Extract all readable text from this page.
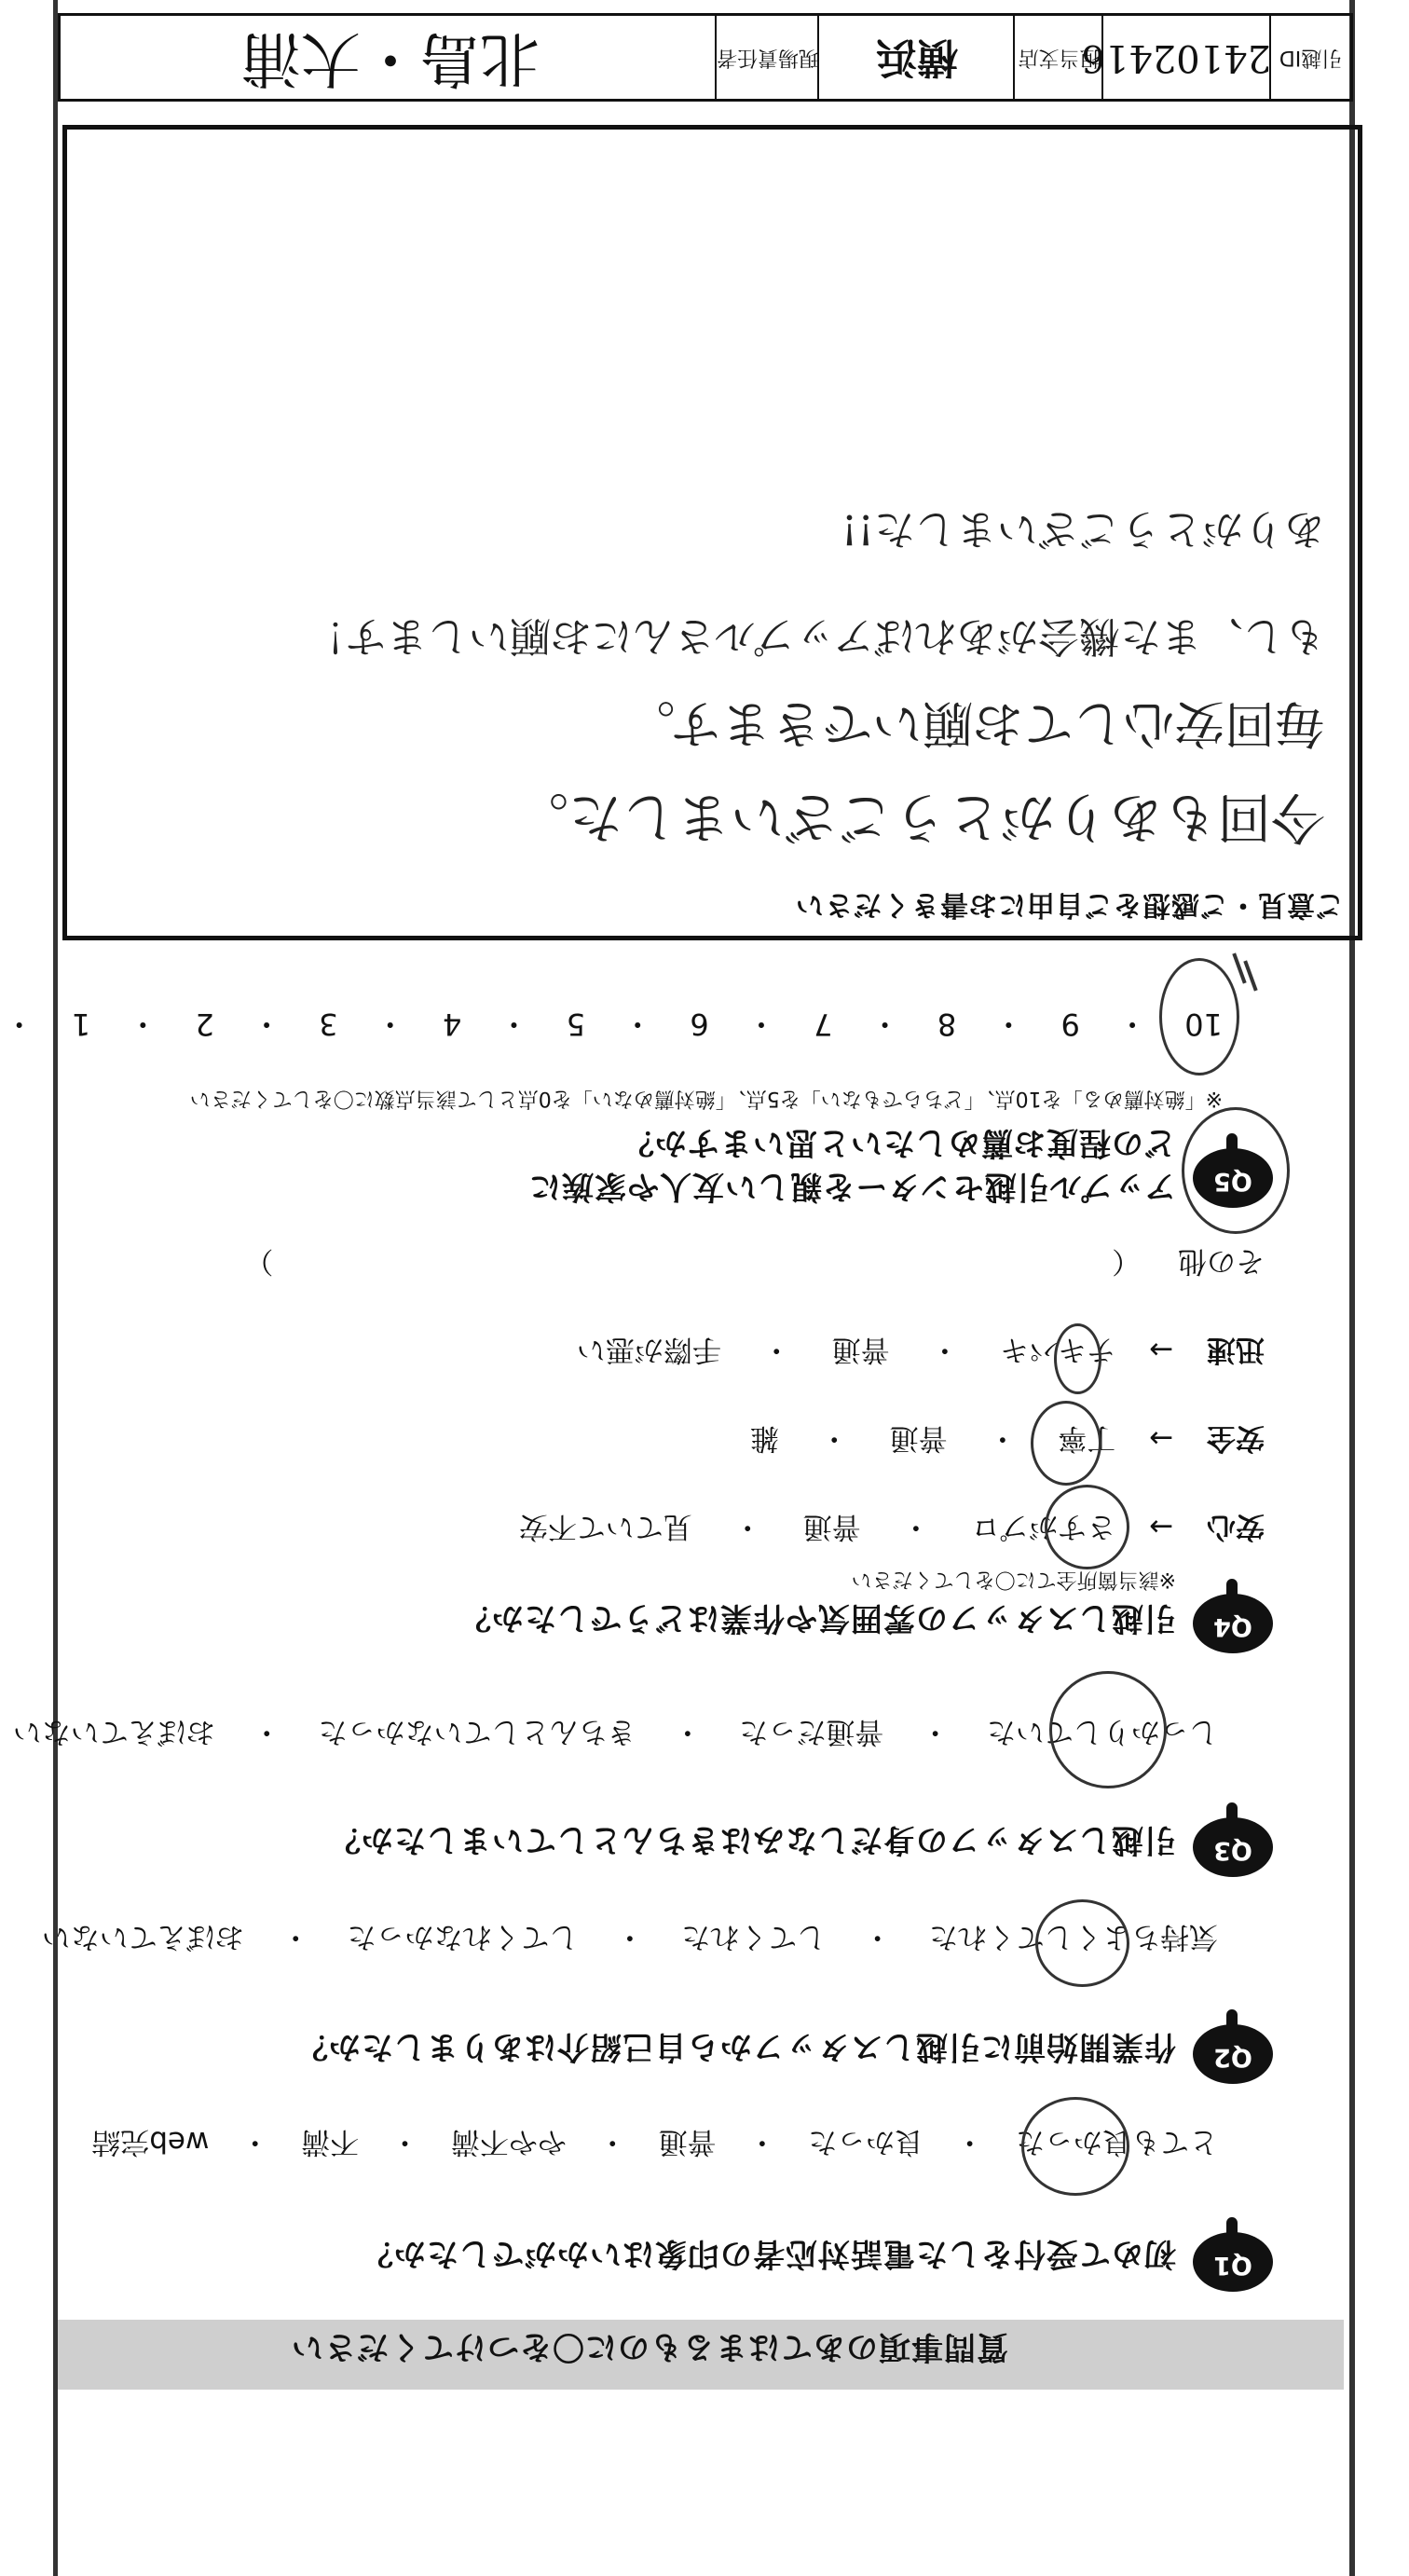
質問事項のあてはまるものに〇をつけてください
Q1
初めて受付をした電話対応者の印象はいかがでしたか？
とても良かった ・ 良かった ・ 普通 ・ やや不満 ・ 不満 ・ web完結
Q2
作業開始前に引越しスタッフから自己紹介はありましたか？
気持ちよくしてくれた ・ してくれた ・ してくれなかった ・ おぼえていない
Q3
引越しスタッフの身だしなみはきちんとしていましたか？
しっかりしていた ・ 普通だった ・ きちんとしていなかった ・ おぼえていない
Q4
引越しスタッフの雰囲気や作業はどうでしたか？
※該当箇所全てに〇をしてください
安心 → さすがプロ ・ 普通 ・ 見ていて不安
安全 → 丁寧 ・ 普通 ・ 雑
迅速 → テキパキ ・ 普通 ・ 手際が悪い
その他 （  ）
Q5
アップル引越センターを親しい友人や家族に
どの程度お薦めしたいと思いますか？
※「絶対薦める」を10点、「どちらでもない」を5点、「絶対薦めない」を0点として該当点数に〇をしてください
10 ・ 9 ・ 8 ・ 7 ・ 6 ・ 5 ・ 4 ・ 3 ・ 2 ・ 1 ・
ご意見・ご感想をご自由にお書きください
今回もありがとうございました。
毎回安心してお願いできます。
もし、また機会があればアップルさんにお願いします！
ありがとうございました!!
引越ID
24102416
担当支店
横浜
現場責任者
北島・大浦
